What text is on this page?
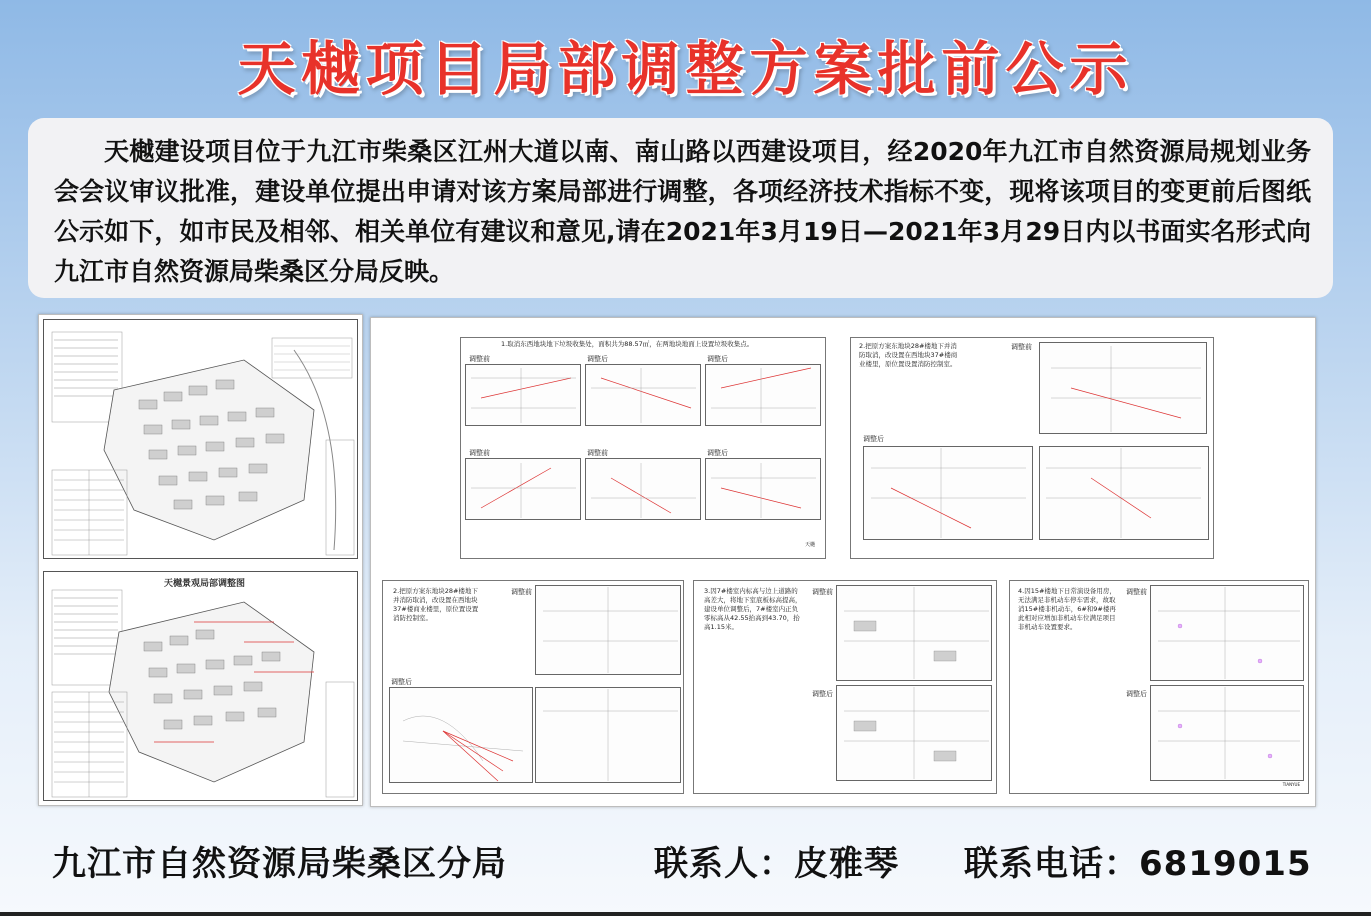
天樾项目局部调整方案批前公示
天樾建设项目位于九江市柴桑区江州大道以南、南山路以西建设项目，经2020年九江市自然资源局规划业务会会议审议批准，建设单位提出申请对该方案局部进行调整，各项经济技术指标不变，现将该项目的变更前后图纸公示如下，如市民及相邻、相关单位有建议和意见,请在2021年3月19日—2021年3月29日内以书面实名形式向九江市自然资源局柴桑区分局反映。
天樾景观局部调整图
1.取消东西地块地下垃圾收集处，面积共为88.57㎡，在两地块地面上设置垃圾收集点。
调整前	调整后	调整后
调整前	调整前	调整后
天樾
2.把原方案东地块28#楼地下并消防取消，改设置在西地块37#楼商业楼里，原位置设置消防控制室。
调整前
调整后
2.把原方案东地块28#楼地下并消防取消，改设置在西地块37#楼商业楼里，原位置设置消防控制室。
调整前
调整后
3.因7#楼室内标高与边上道路的高差大，将地下室底板标高提高，建设单位调整后，7#楼室内正负零标高从42.55抬高到43.70，抬高1.15米。
调整前
调整后
4.因15#楼地下日常演设备用房，无法满足非机动车停车需求，故取消15#楼非机动车，6#和9#楼再此相对应增加非机动车位满足项目非机动车设置要求。
调整前
调整后
TIANYUE
九江市自然资源局柴桑区分局	联系人：皮雅琴 联系电话：6819015
